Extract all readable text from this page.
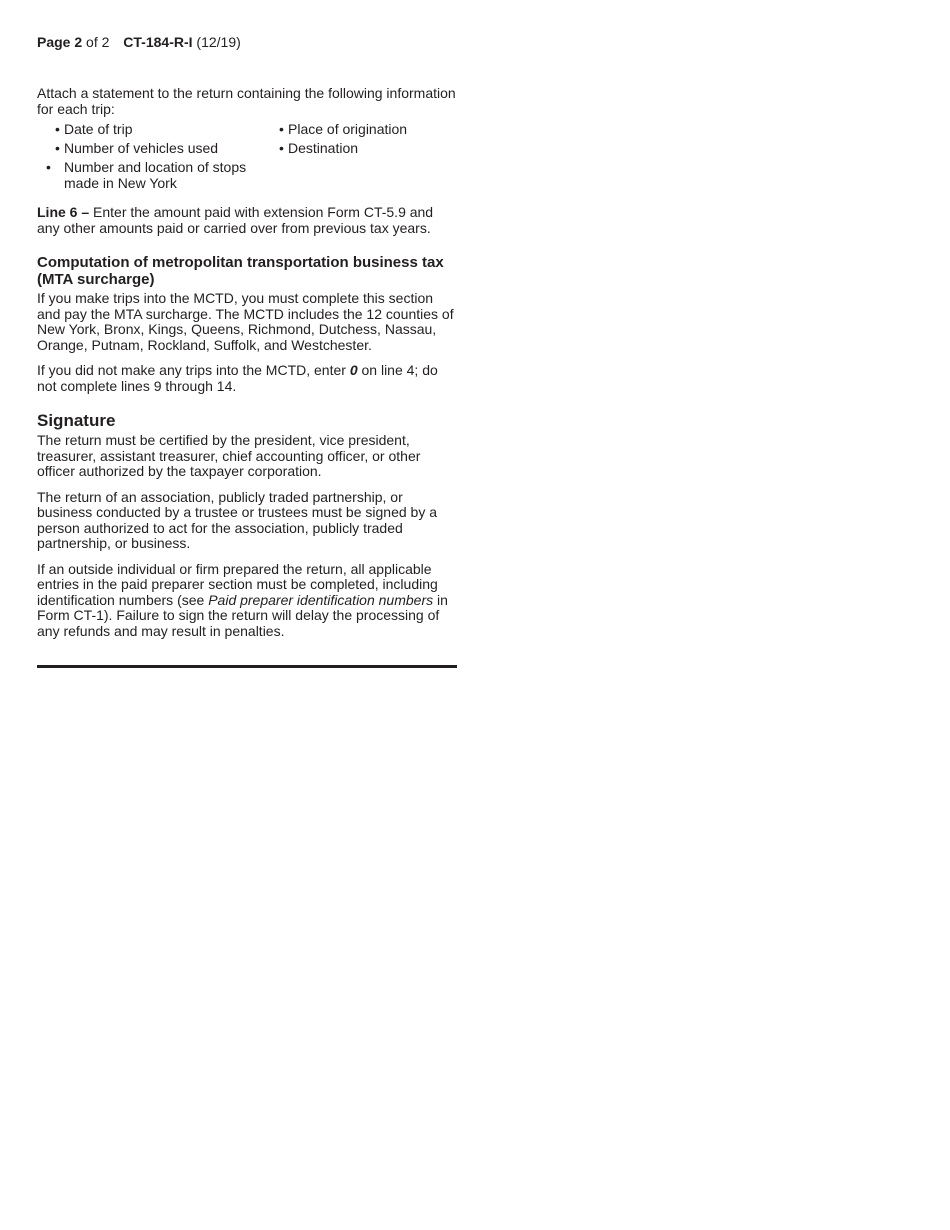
Page 2 of 2 CT-184-R-I (12/19)

Attach a statement to the return containing the following information for each trip:

• Date of trip	• Place of origination
• Number of vehicles used	• Destination
• Number and location of stops made in New York

Line 6 – Enter the amount paid with extension Form CT-5.9 and any other amounts paid or carried over from previous tax years.

Computation of metropolitan transportation business tax (MTA surcharge)

If you make trips into the MCTD, you must complete this section and pay the MTA surcharge. The MCTD includes the 12 counties of New York, Bronx, Kings, Queens, Richmond, Dutchess, Nassau, Orange, Putnam, Rockland, Suffolk, and Westchester.

If you did not make any trips into the MCTD, enter 0 on line 4; do not complete lines 9 through 14.

Signature

The return must be certified by the president, vice president, treasurer, assistant treasurer, chief accounting officer, or other officer authorized by the taxpayer corporation.

The return of an association, publicly traded partnership, or business conducted by a trustee or trustees must be signed by a person authorized to act for the association, publicly traded partnership, or business.

If an outside individual or firm prepared the return, all applicable entries in the paid preparer section must be completed, including identification numbers (see Paid preparer identification numbers in Form CT-1). Failure to sign the return will delay the processing of any refunds and may result in penalties.
